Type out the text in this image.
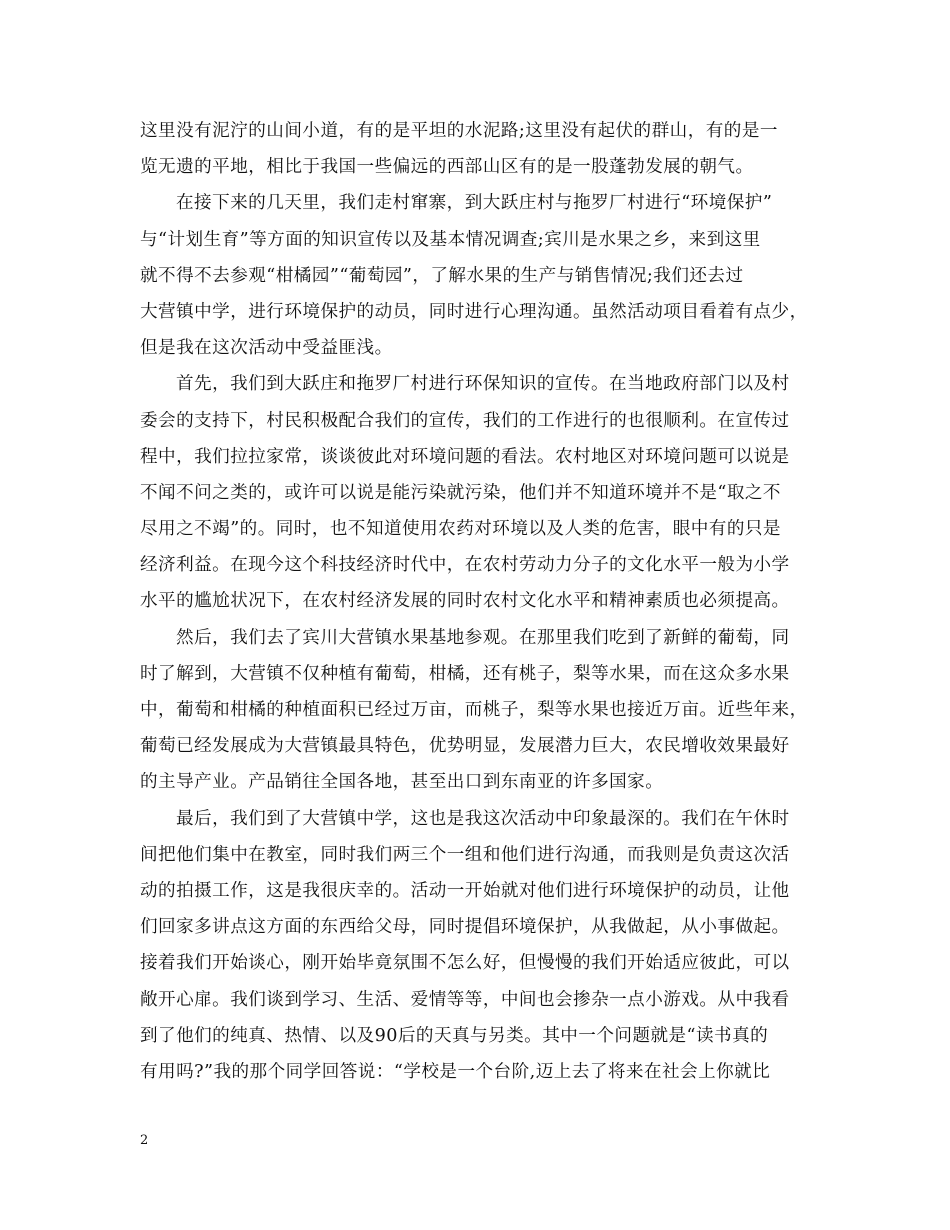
这里没有泥泞的山间小道，有的是平坦的水泥路;这里没有起伏的群山，有的是一
览无遗的平地，相比于我国一些偏远的西部山区有的是一股蓬勃发展的朝气。
在接下来的几天里，我们走村窜寨，到大跃庄村与拖罗厂村进行“环境保护”
与“计划生育”等方面的知识宣传以及基本情况调查;宾川是水果之乡，来到这里
就不得不去参观“柑橘园”“葡萄园”，了解水果的生产与销售情况;我们还去过
大营镇中学，进行环境保护的动员，同时进行心理沟通。虽然活动项目看着有点少，
但是我在这次活动中受益匪浅。
首先，我们到大跃庄和拖罗厂村进行环保知识的宣传。在当地政府部门以及村
委会的支持下，村民积极配合我们的宣传，我们的工作进行的也很顺利。在宣传过
程中，我们拉拉家常，谈谈彼此对环境问题的看法。农村地区对环境问题可以说是
不闻不问之类的，或许可以说是能污染就污染，他们并不知道环境并不是“取之不
尽用之不竭”的。同时，也不知道使用农药对环境以及人类的危害，眼中有的只是
经济利益。在现今这个科技经济时代中，在农村劳动力分子的文化水平一般为小学
水平的尴尬状况下，在农村经济发展的同时农村文化水平和精神素质也必须提高。
然后，我们去了宾川大营镇水果基地参观。在那里我们吃到了新鲜的葡萄，同
时了解到，大营镇不仅种植有葡萄，柑橘，还有桃子，梨等水果，而在这众多水果
中，葡萄和柑橘的种植面积已经过万亩，而桃子，梨等水果也接近万亩。近些年来，
葡萄已经发展成为大营镇最具特色，优势明显，发展潜力巨大，农民增收效果最好
的主导产业。产品销往全国各地，甚至出口到东南亚的许多国家。
最后，我们到了大营镇中学，这也是我这次活动中印象最深的。我们在午休时
间把他们集中在教室，同时我们两三个一组和他们进行沟通，而我则是负责这次活
动的拍摄工作，这是我很庆幸的。活动一开始就对他们进行环境保护的动员，让他
们回家多讲点这方面的东西给父母，同时提倡环境保护，从我做起，从小事做起。
接着我们开始谈心，刚开始毕竟氛围不怎么好，但慢慢的我们开始适应彼此，可以
敞开心扉。我们谈到学习、生活、爱情等等，中间也会掺杂一点小游戏。从中我看
到了他们的纯真、热情、以及90后的天真与另类。其中一个问题就是“读书真的
有用吗?”我的那个同学回答说：“学校是一个台阶,迈上去了将来在社会上你就比
2
